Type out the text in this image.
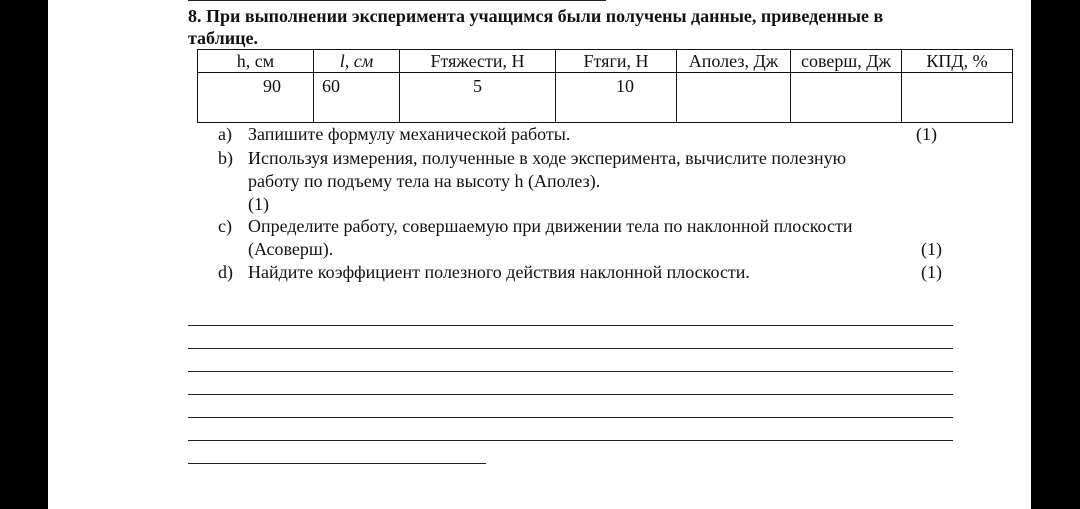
8. При выполнении эксперимента учащимся были получены данные, приведенные в
таблице.
h, см	l, см	Fтяжести, Н	Fтяги, Н	Аполез, Дж	соверш, Дж	КПД, %
90	60	5	10			
a) Запишите формулу механической работы.	(1)
b) Используя измерения, полученные в ходе эксперимента, вычислите полезную
работу по подъему тела на высоту h (Аполез).
(1)
c) Определите работу, совершаемую при движении тела по наклонной плоскости
(Асоверш).	(1)
d) Найдите коэффициент полезного действия наклонной плоскости.	(1)
